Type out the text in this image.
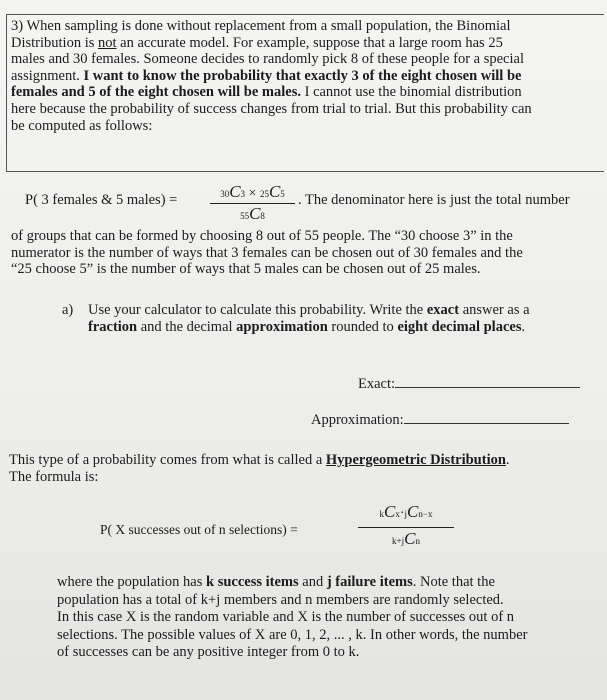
3) When sampling is done without replacement from a small population, the Binomial
Distribution is not an accurate model. For example, suppose that a large room has 25
males and 30 females. Someone decides to randomly pick 8 of these people for a special
assignment. I want to know the probability that exactly 3 of the eight chosen will be
females and 5 of the eight chosen will be males. I cannot use the binomial distribution
here because the probability of success changes from trial to trial. But this probability can
be computed as follows:
P( 3 females & 5 males) =	30C3 × 25C5
55C8
. The denominator here is just the total number
of groups that can be formed by choosing 8 out of 55 people. The “30 choose 3” in the
numerator is the number of ways that 3 females can be chosen out of 30 females and the
“25 choose 5” is the number of ways that 5 males can be chosen out of 25 males.
a) Use your calculator to calculate this probability. Write the exact answer as a
fraction and the decimal approximation rounded to eight decimal places.
Exact:
Approximation:
This type of a probability comes from what is called a Hypergeometric Distribution.
The formula is:
P( X successes out of n selections) =
kCx·jCn−x
k+jCn
where the population has k success items and j failure items. Note that the
population has a total of k+j members and n members are randomly selected.
In this case X is the random variable and X is the number of successes out of n
selections. The possible values of X are 0, 1, 2, ... , k. In other words, the number
of successes can be any positive integer from 0 to k.
